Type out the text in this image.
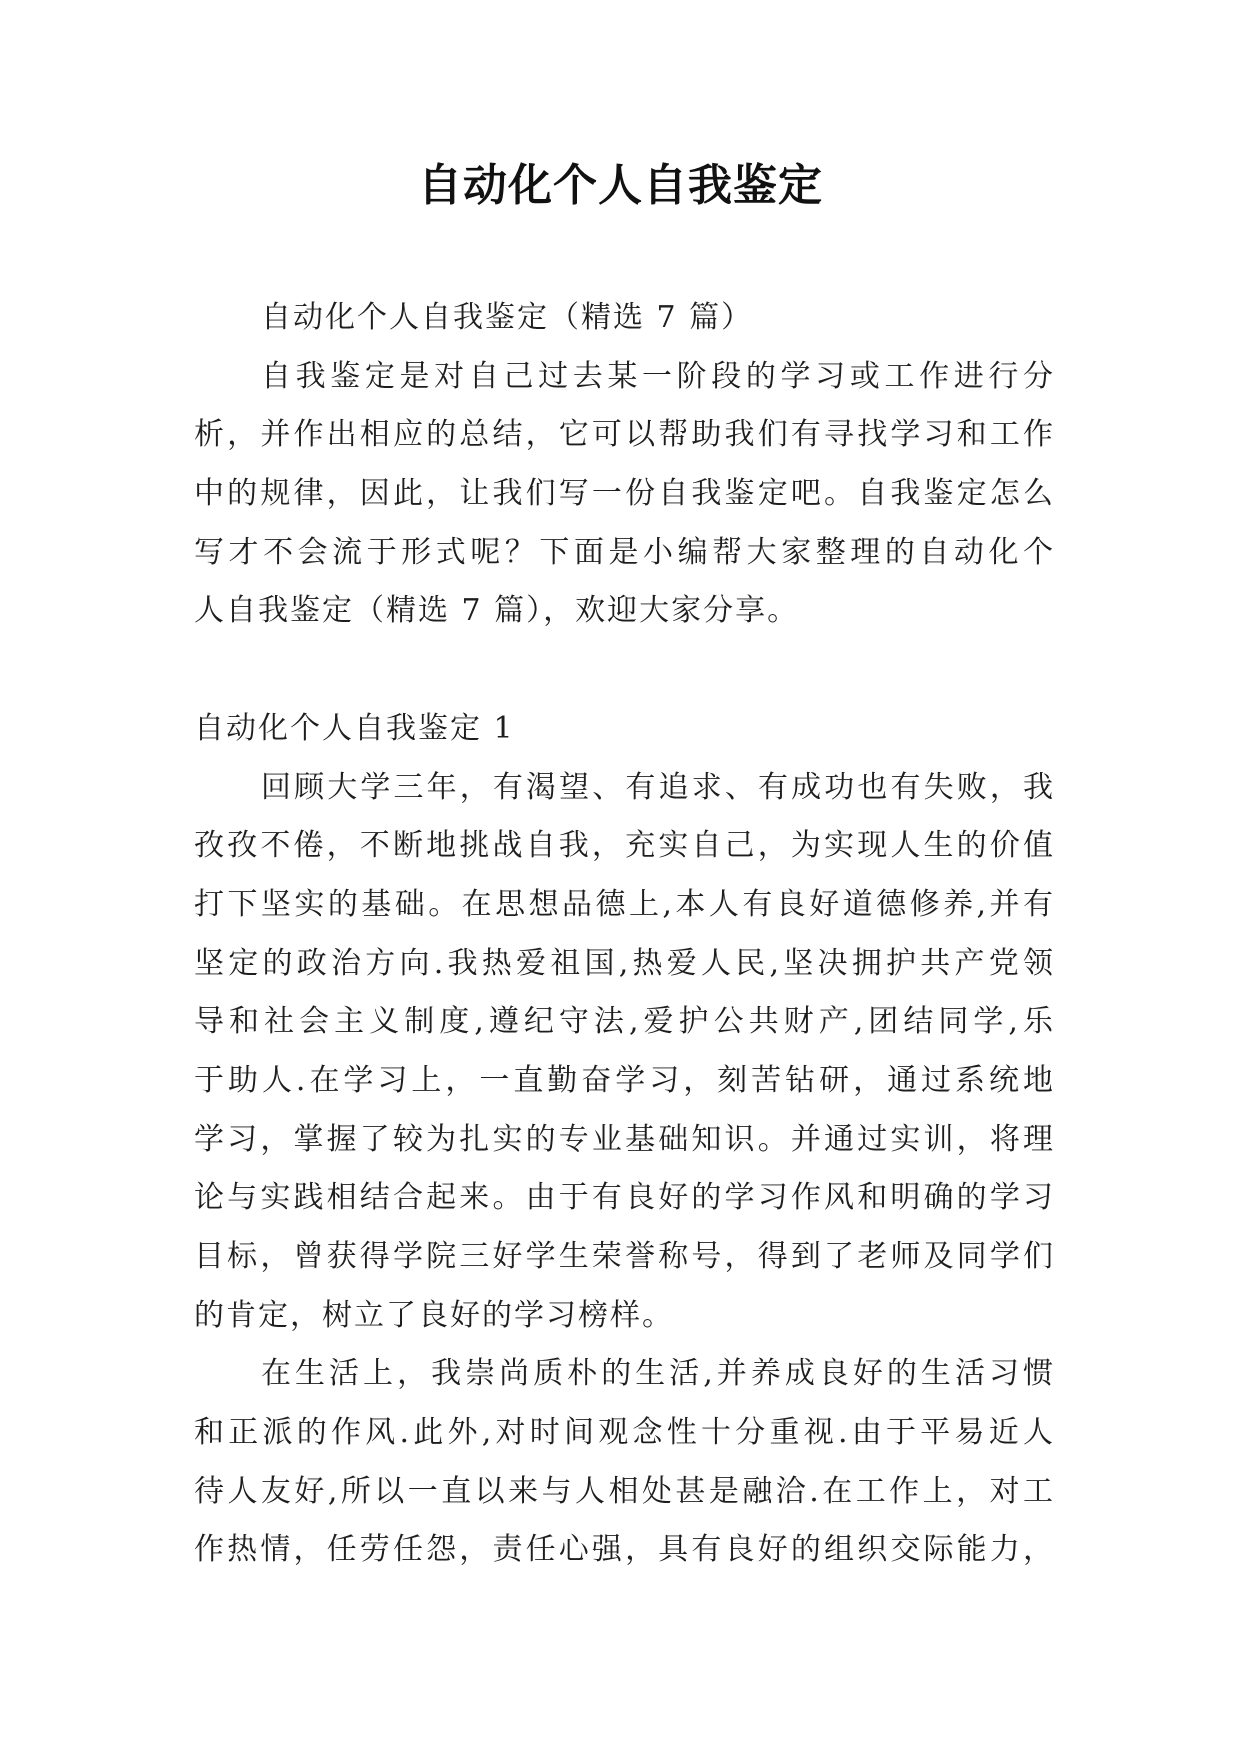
自动化个人自我鉴定
自动化个人自我鉴定（精选 7 篇）
自我鉴定是对自己过去某一阶段的学习或工作进行分
析，并作出相应的总结，它可以帮助我们有寻找学习和工作
中的规律，因此，让我们写一份自我鉴定吧。自我鉴定怎么
写才不会流于形式呢？下面是小编帮大家整理的自动化个
人自我鉴定（精选 7 篇），欢迎大家分享。
自动化个人自我鉴定 1
回顾大学三年，有渴望、有追求、有成功也有失败，我
孜孜不倦，不断地挑战自我，充实自己，为实现人生的价值
打下坚实的基础。在思想品德上,本人有良好道德修养,并有
坚定的政治方向.我热爱祖国,热爱人民,坚决拥护共产党领
导和社会主义制度,遵纪守法,爱护公共财产,团结同学,乐
于助人.在学习上，一直勤奋学习，刻苦钻研，通过系统地
学习，掌握了较为扎实的专业基础知识。并通过实训，将理
论与实践相结合起来。由于有良好的学习作风和明确的学习
目标，曾获得学院三好学生荣誉称号，得到了老师及同学们
的肯定，树立了良好的学习榜样。
在生活上，我崇尚质朴的生活,并养成良好的生活习惯
和正派的作风.此外,对时间观念性十分重视.由于平易近人
待人友好,所以一直以来与人相处甚是融洽.在工作上，对工
作热情，任劳任怨，责任心强，具有良好的组织交际能力，
